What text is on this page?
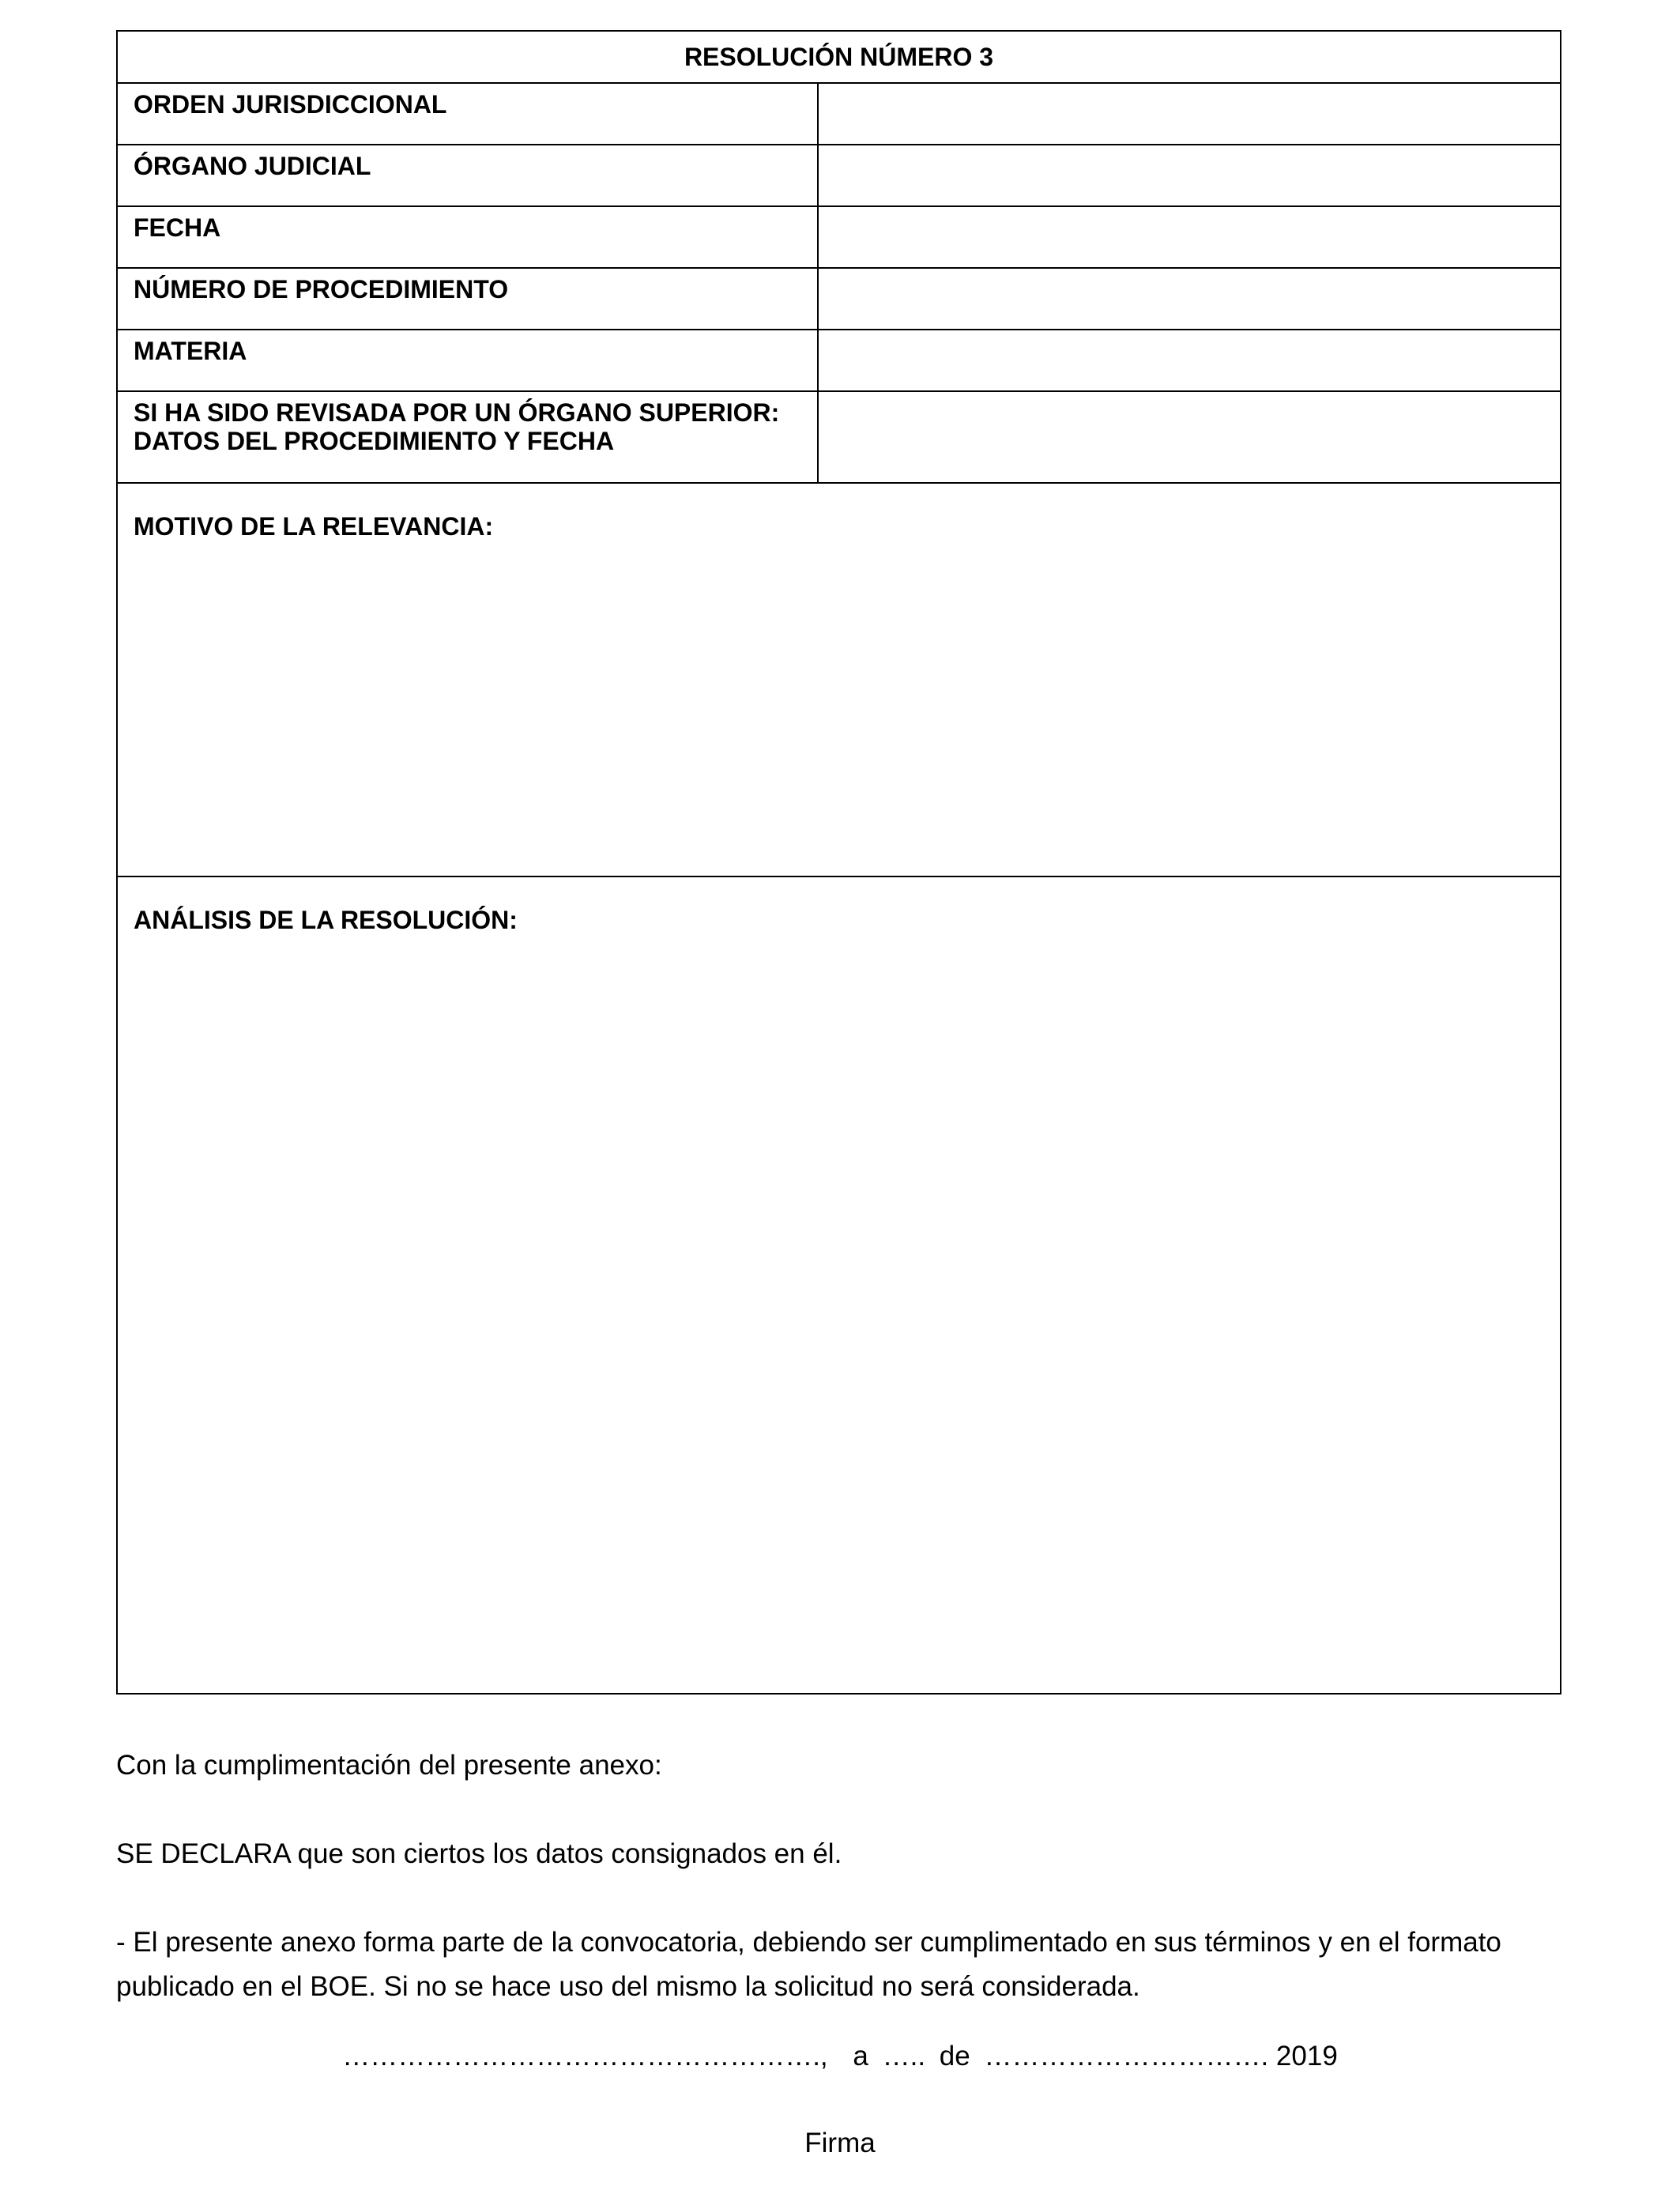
RESOLUCIÓN NÚMERO 3	
ORDEN JURISDICCIONAL	
ÓRGANO JUDICIAL	
FECHA	
NÚMERO DE PROCEDIMIENTO	
MATERIA	

SI HA SIDO REVISADA POR UN ÓRGANO SUPERIOR:
DATOS DEL PROCEDIMIENTO Y FECHA	

MOTIVO DE LA RELEVANCIA:	

ANÁLISIS DE LA RESOLUCIÓN:	
Con la cumplimentación del presente anexo:
SE DECLARA que son ciertos los datos consignados en él.
- El presente anexo forma parte de la convocatoria, debiendo ser cumplimentado en sus términos y en el formato publicado en el BOE. Si no se hace uso del mismo la solicitud no será considerada.
……………………………………………., a ….. de …………………………. 2019
Firma
